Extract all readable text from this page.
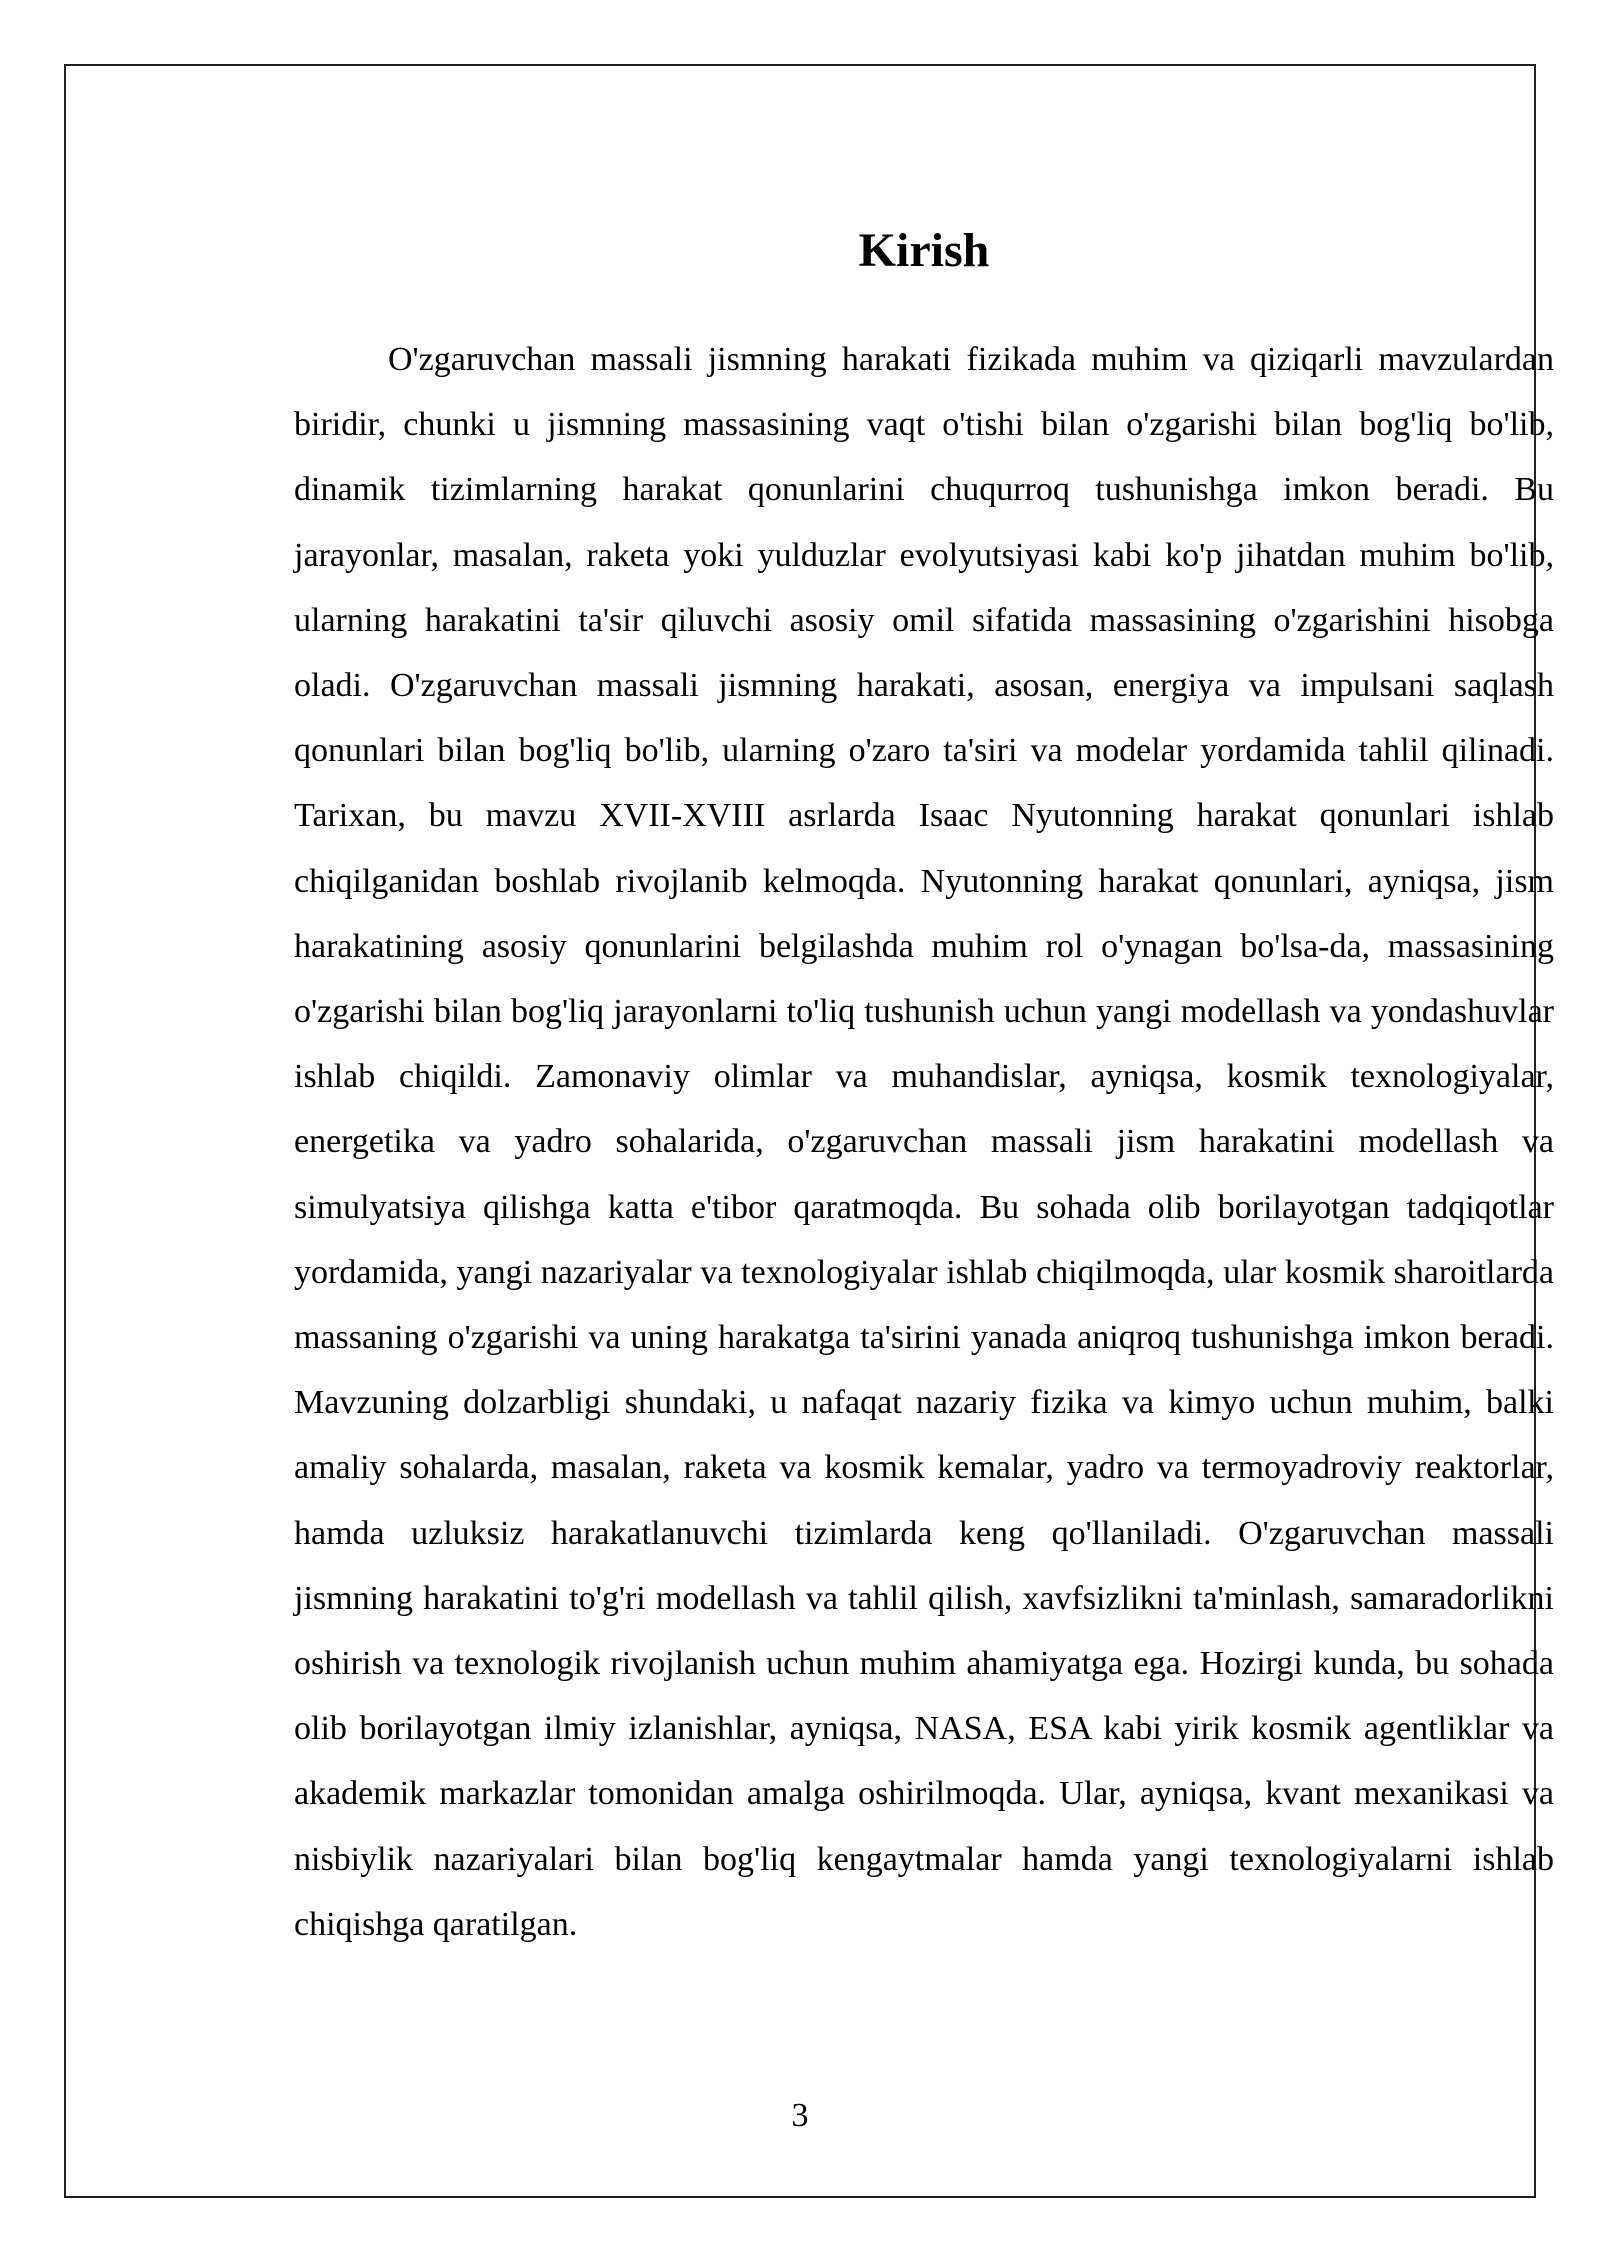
Kirish

O'zgaruvchan massali jismning harakati fizikada muhim va qiziqarli mavzulardan biridir, chunki u jismning massasining vaqt o'tishi bilan o'zgarishi bilan bog'liq bo'lib, dinamik tizimlarning harakat qonunlarini chuqurroq tushunishga imkon beradi. Bu jarayonlar, masalan, raketa yoki yulduzlar evolyutsiyasi kabi ko'p jihatdan muhim bo'lib, ularning harakatini ta'sir qiluvchi asosiy omil sifatida massasining o'zgarishini hisobga oladi. O'zgaruvchan massali jismning harakati, asosan, energiya va impulsani saqlash qonunlari bilan bog'liq bo'lib, ularning o'zaro ta'siri va modelar yordamida tahlil qilinadi. Tarixan, bu mavzu XVII-XVIII asrlarda Isaac Nyutonning harakat qonunlari ishlab chiqilganidan boshlab rivojlanib kelmoqda. Nyutonning harakat qonunlari, ayniqsa, jism harakatining asosiy qonunlarini belgilashda muhim rol o'ynagan bo'lsa-da, massasining o'zgarishi bilan bog'liq jarayonlarni to'liq tushunish uchun yangi modellash va yondashuvlar ishlab chiqildi. Zamonaviy olimlar va muhandislar, ayniqsa, kosmik texnologiyalar, energetika va yadro sohalarida, o'zgaruvchan massali jism harakatini modellash va simulyatsiya qilishga katta e'tibor qaratmoqda. Bu sohada olib borilayotgan tadqiqotlar yordamida, yangi nazariyalar va texnologiyalar ishlab chiqilmoqda, ular kosmik sharoitlarda massaning o'zgarishi va uning harakatga ta'sirini yanada aniqroq tushunishga imkon beradi. Mavzuning dolzarbligi shundaki, u nafaqat nazariy fizika va kimyo uchun muhim, balki amaliy sohalarda, masalan, raketa va kosmik kemalar, yadro va termoyadroviy reaktorlar, hamda uzluksiz harakatlanuvchi tizimlarda keng qo'llaniladi. O'zgaruvchan massali jismning harakatini to'g'ri modellash va tahlil qilish, xavfsizlikni ta'minlash, samaradorlikni oshirish va texnologik rivojlanish uchun muhim ahamiyatga ega. Hozirgi kunda, bu sohada olib borilayotgan ilmiy izlanishlar, ayniqsa, NASA, ESA kabi yirik kosmik agentliklar va akademik markazlar tomonidan amalga oshirilmoqda. Ular, ayniqsa, kvant mexanikasi va nisbiylik nazariyalari bilan bog'liq kengaytmalar hamda yangi texnologiyalarni ishlab chiqishga qaratilgan.

3
